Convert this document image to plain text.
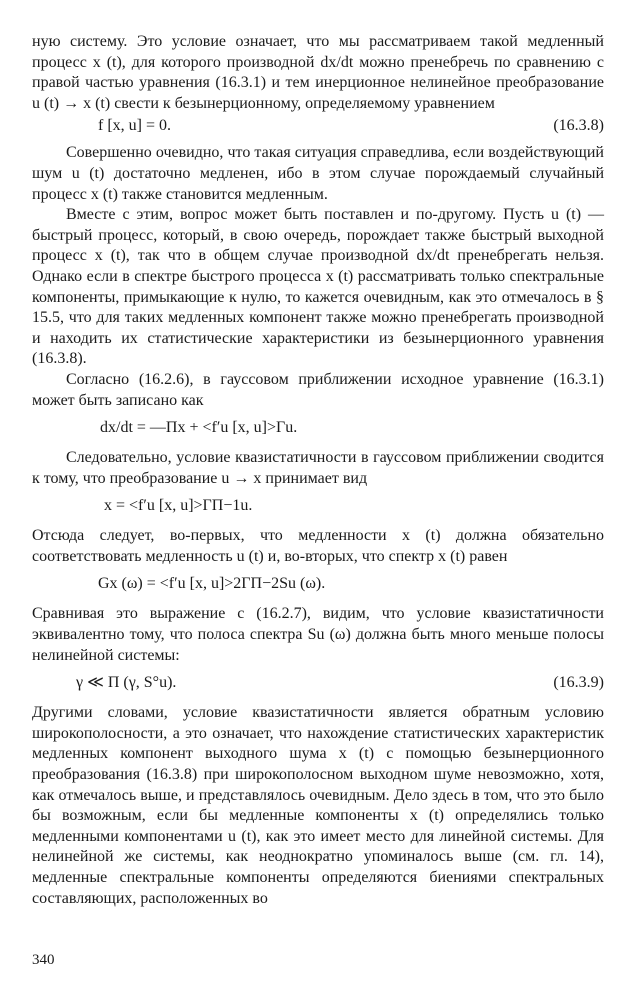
ную систему. Это условие означает, что мы рассматриваем такой медленный процесс x (t), для которого производной dx/dt можно пренебречь по сравнению с правой частью уравнения (16.3.1) и тем инерционное нелинейное преобразование u (t) → x (t) свести к безынерционному, определяемому уравнением

f [x, u] = 0.	(16.3.8)

Совершенно очевидно, что такая ситуация справедлива, если воздействующий шум u (t) достаточно медленен, ибо в этом случае порождаемый случайный процесс x (t) также становится медленным.

Вместе с этим, вопрос может быть поставлен и по-другому. Пусть u (t) — быстрый процесс, который, в свою очередь, порождает также быстрый выходной процесс x (t), так что в общем случае производной dx/dt пренебрегать нельзя. Однако если в спектре быстрого процесса x (t) рассматривать только спектральные компоненты, примыкающие к нулю, то кажется очевидным, как это отмечалось в § 15.5, что для таких медленных компонент также можно пренебрегать производной и находить их статистические характеристики из безынерционного уравнения (16.3.8).

Согласно (16.2.6), в гауссовом приближении исходное уравнение (16.3.1) может быть записано как

dx/dt = —Πx + <f′u [x, u]>Γu.

Следовательно, условие квазистатичности в гауссовом приближении сводится к тому, что преобразование u → x принимает вид

x = <f′u [x, u]>ΓΠ−1u.

Отсюда следует, во-первых, что медленности x (t) должна обязательно соответствовать медленность u (t) и, во-вторых, что спектр x (t) равен

Gx (ω) = <f′u [x, u]>2ΓΠ−2Su (ω).

Сравнивая это выражение с (16.2.7), видим, что условие квазистатичности эквивалентно тому, что полоса спектра Su (ω) должна быть много меньше полосы нелинейной системы:

γ ≪ Π (γ, S°u).	(16.3.9)

Другими словами, условие квазистатичности является обратным условию широкополосности, а это означает, что нахождение статистических характеристик медленных компонент выходного шума x (t) с помощью безынерционного преобразования (16.3.8) при широкополосном выходном шуме невозможно, хотя, как отмечалось выше, и представлялось очевидным. Дело здесь в том, что это было бы возможным, если бы медленные компоненты x (t) определялись только медленными компонентами u (t), как это имеет место для линейной системы. Для нелинейной же системы, как неоднократно упоминалось выше (см. гл. 14), медленные спектральные компоненты определяются биениями спектральных составляющих, расположенных во

340
